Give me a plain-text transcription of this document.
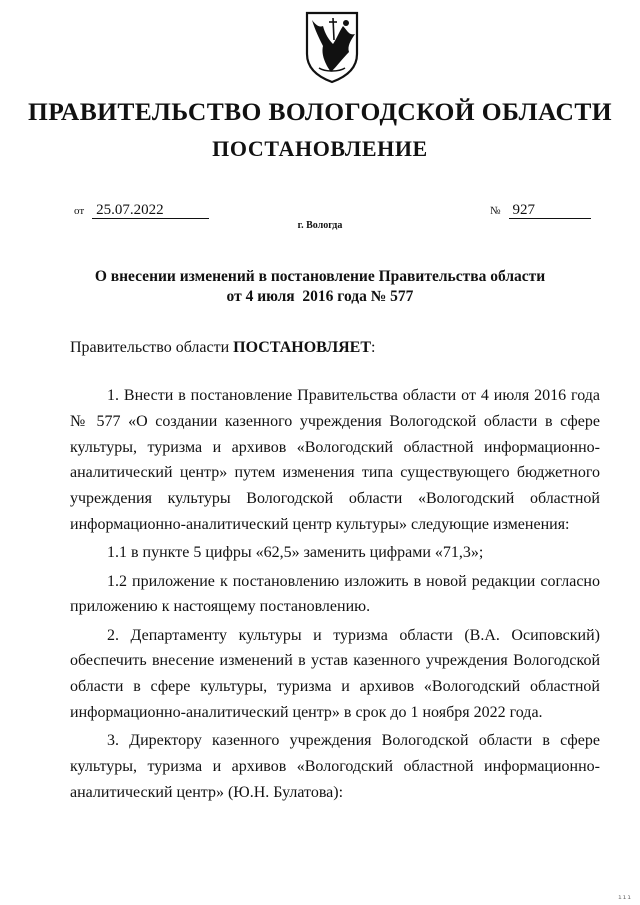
ПРАВИТЕЛЬСТВО ВОЛОГОДСКОЙ ОБЛАСТИ
ПОСТАНОВЛЕНИЕ
от 25.07.2022	№ 927
г. Вологда
О внесении изменений в постановление Правительства области
от 4 июля  2016 года № 577
Правительство области ПОСТАНОВЛЯЕТ:

1. Внести в постановление Правительства области от 4 июля 2016 года № 577 «О создании казенного учреждения Вологодской области в сфере культуры, туризма и архивов «Вологодский областной информационно-аналитический центр» путем изменения типа существующего бюджетного учреждения культуры Вологодской области «Вологодский областной информационно-аналитический центр культуры» следующие изменения:

1.1 в пункте 5 цифры «62,5» заменить цифрами «71,3»;

1.2 приложение к постановлению изложить в новой редакции согласно приложению к настоящему постановлению.

2. Департаменту культуры и туризма области (В.А. Осиповский) обеспечить внесение изменений в устав казенного учреждения Вологодской области в сфере культуры, туризма и архивов «Вологодский областной информационно-аналитический центр» в срок до 1 ноября 2022 года.

3. Директору казенного учреждения Вологодской области в сфере культуры, туризма и архивов «Вологодский областной информационно-аналитический центр» (Ю.Н. Булатова):

ııı
